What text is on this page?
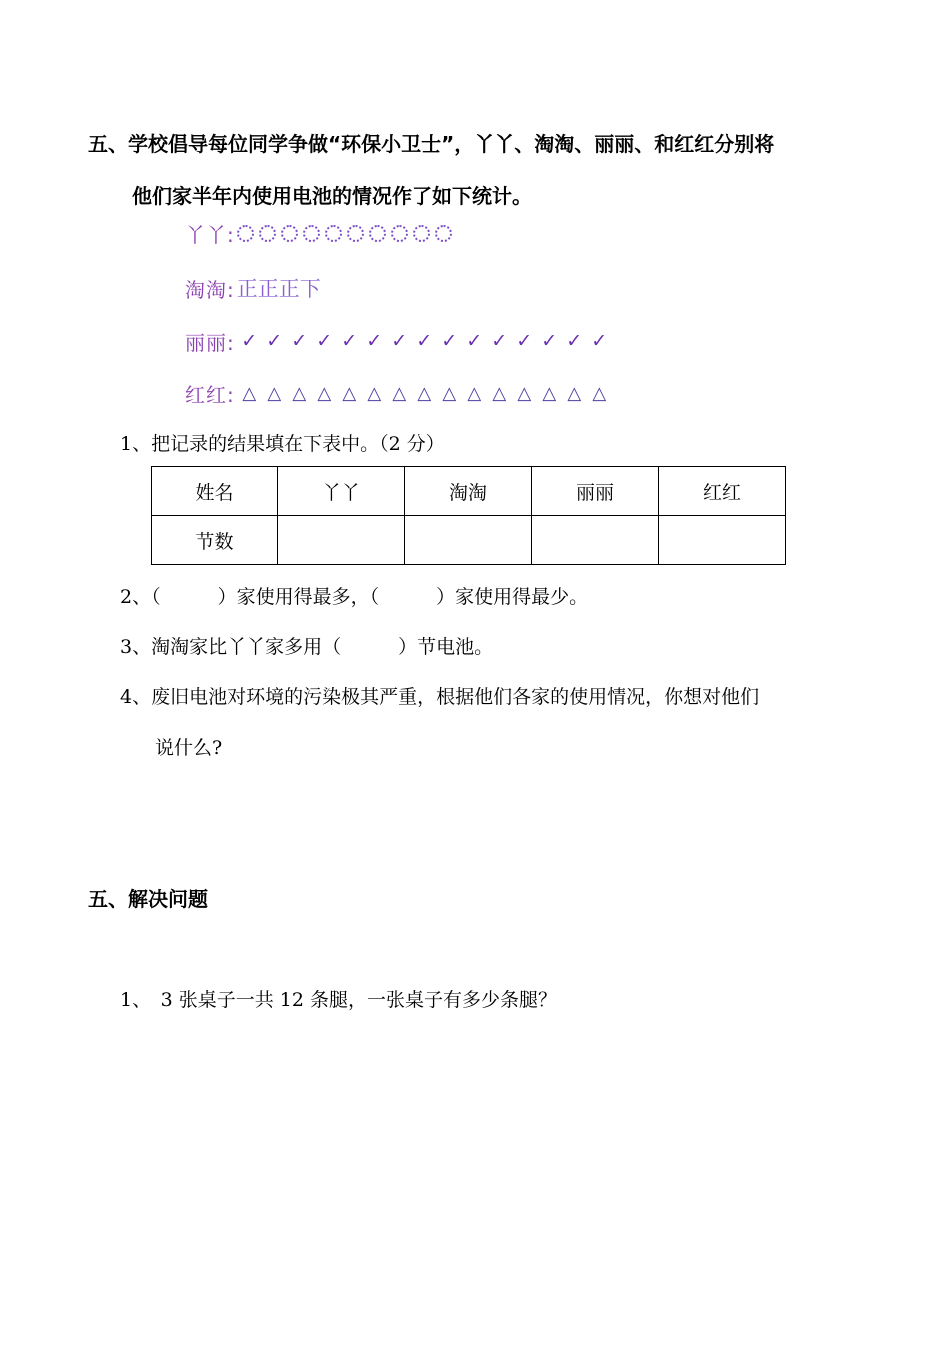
五、学校倡导每位同学争做“环保小卫士”，丫丫、淘淘、丽丽、和红红分别将
他们家半年内使用电池的情况作了如下统计。
丫丫:
淘淘: 正正正下
丽丽: ✓ ✓ ✓ ✓ ✓ ✓ ✓ ✓ ✓ ✓ ✓ ✓ ✓ ✓ ✓
红红: △ △ △ △ △ △ △ △ △ △ △ △ △ △ △
1、把记录的结果填在下表中。（2 分）
姓名	丫丫	淘淘	丽丽	红红
节数				
2、（　　　）家使用得最多，（　　　）家使用得最少。
3、淘淘家比丫丫家多用（　　　）节电池。
4、废旧电池对环境的污染极其严重，根据他们各家的使用情况，你想对他们
说什么?
五、解决问题
1、　3 张桌子一共 12 条腿，一张桌子有多少条腿？
